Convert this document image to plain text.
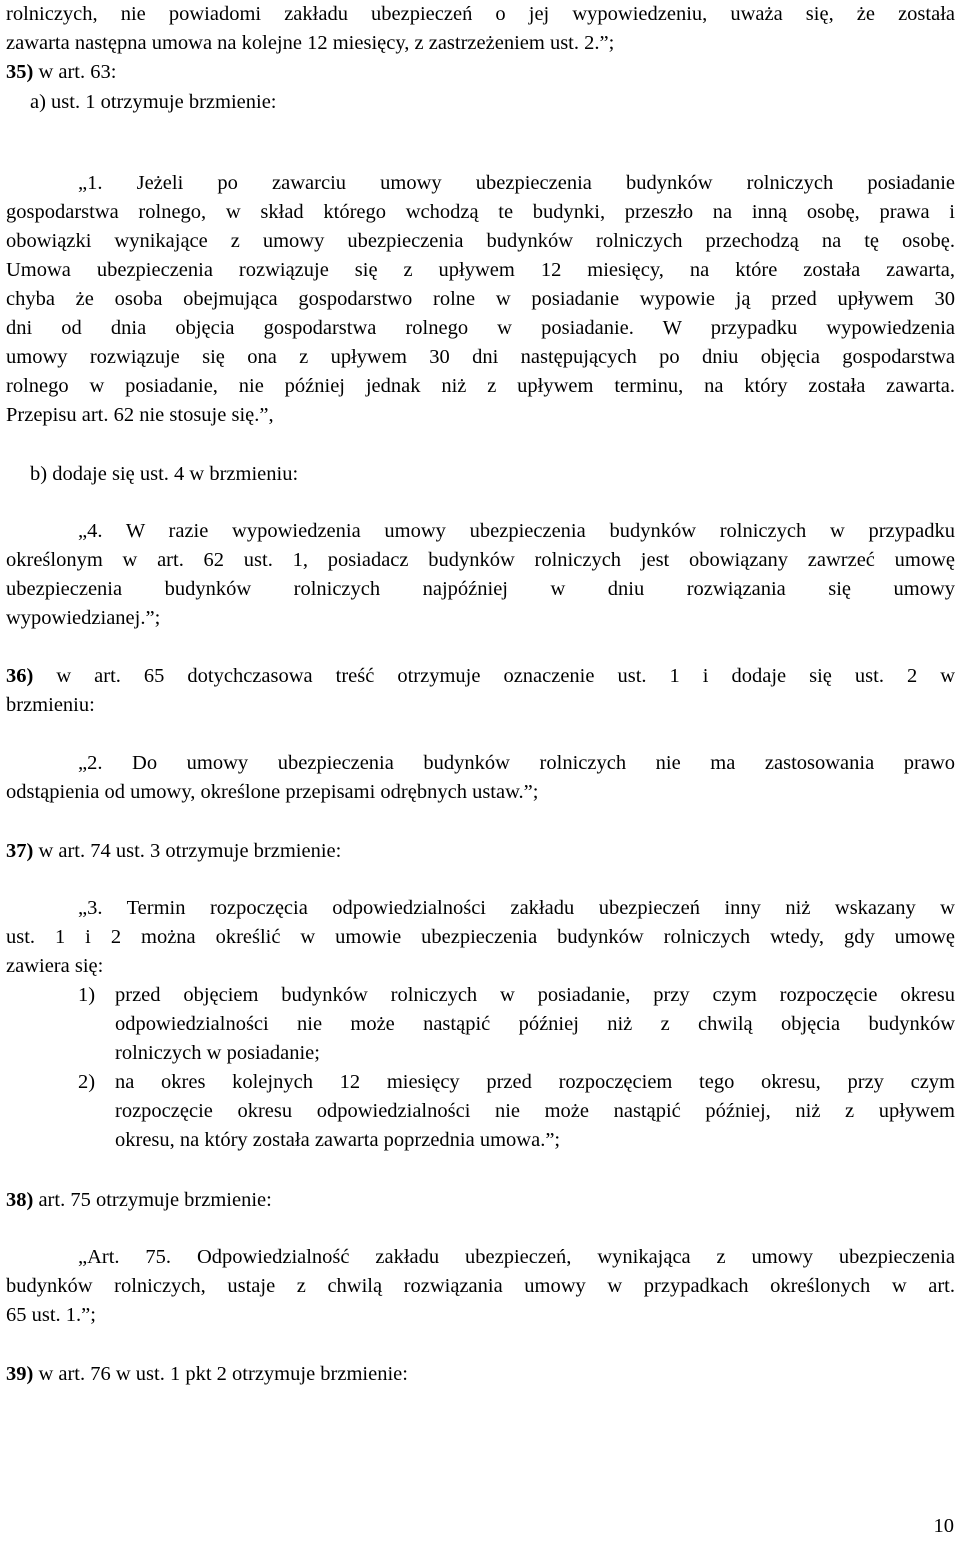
rolniczych, nie powiadomi zakładu ubezpieczeń o jej wypowiedzeniu, uważa się, że została
zawarta następna umowa na kolejne 12 miesięcy, z zastrzeżeniem ust. 2.”;
35) w art. 63:
a) ust. 1 otrzymuje brzmienie:
„1. Jeżeli po zawarciu umowy ubezpieczenia budynków rolniczych posiadanie
gospodarstwa rolnego, w skład którego wchodzą te budynki, przeszło na inną osobę, prawa i
obowiązki wynikające z umowy ubezpieczenia budynków rolniczych przechodzą na tę osobę.
Umowa ubezpieczenia rozwiązuje się z upływem 12 miesięcy, na które została zawarta,
chyba że osoba obejmująca gospodarstwo rolne w posiadanie wypowie ją przed upływem 30
dni od dnia objęcia gospodarstwa rolnego w posiadanie. W przypadku wypowiedzenia
umowy rozwiązuje się ona z upływem 30 dni następujących po dniu objęcia gospodarstwa
rolnego w posiadanie, nie później jednak niż z upływem terminu, na który została zawarta.
Przepisu art. 62 nie stosuje się.”,
b) dodaje się ust. 4 w brzmieniu:
„4. W razie wypowiedzenia umowy ubezpieczenia budynków rolniczych w przypadku
określonym w art. 62 ust. 1, posiadacz budynków rolniczych jest obowiązany zawrzeć umowę
ubezpieczenia budynków rolniczych najpóźniej w dniu rozwiązania się umowy
wypowiedzianej.”;
36) w art. 65 dotychczasowa treść otrzymuje oznaczenie ust. 1 i dodaje się ust. 2 w
brzmieniu:
„2. Do umowy ubezpieczenia budynków rolniczych nie ma zastosowania prawo
odstąpienia od umowy, określone przepisami odrębnych ustaw.”;
37) w art. 74 ust. 3 otrzymuje brzmienie:
„3. Termin rozpoczęcia odpowiedzialności zakładu ubezpieczeń inny niż wskazany w
ust. 1 i 2 można określić w umowie ubezpieczenia budynków rolniczych wtedy, gdy umowę
zawiera się:
1) przed objęciem budynków rolniczych w posiadanie, przy czym rozpoczęcie okresu
odpowiedzialności nie może nastąpić później niż z chwilą objęcia budynków
rolniczych w posiadanie;
2) na okres kolejnych 12 miesięcy przed rozpoczęciem tego okresu, przy czym
rozpoczęcie okresu odpowiedzialności nie może nastąpić później, niż z upływem
okresu, na który została zawarta poprzednia umowa.”;
38) art. 75 otrzymuje brzmienie:
„Art. 75. Odpowiedzialność zakładu ubezpieczeń, wynikająca z umowy ubezpieczenia
budynków rolniczych, ustaje z chwilą rozwiązania umowy w przypadkach określonych w art.
65 ust. 1.”;
39) w art. 76 w ust. 1 pkt 2 otrzymuje brzmienie:
10
